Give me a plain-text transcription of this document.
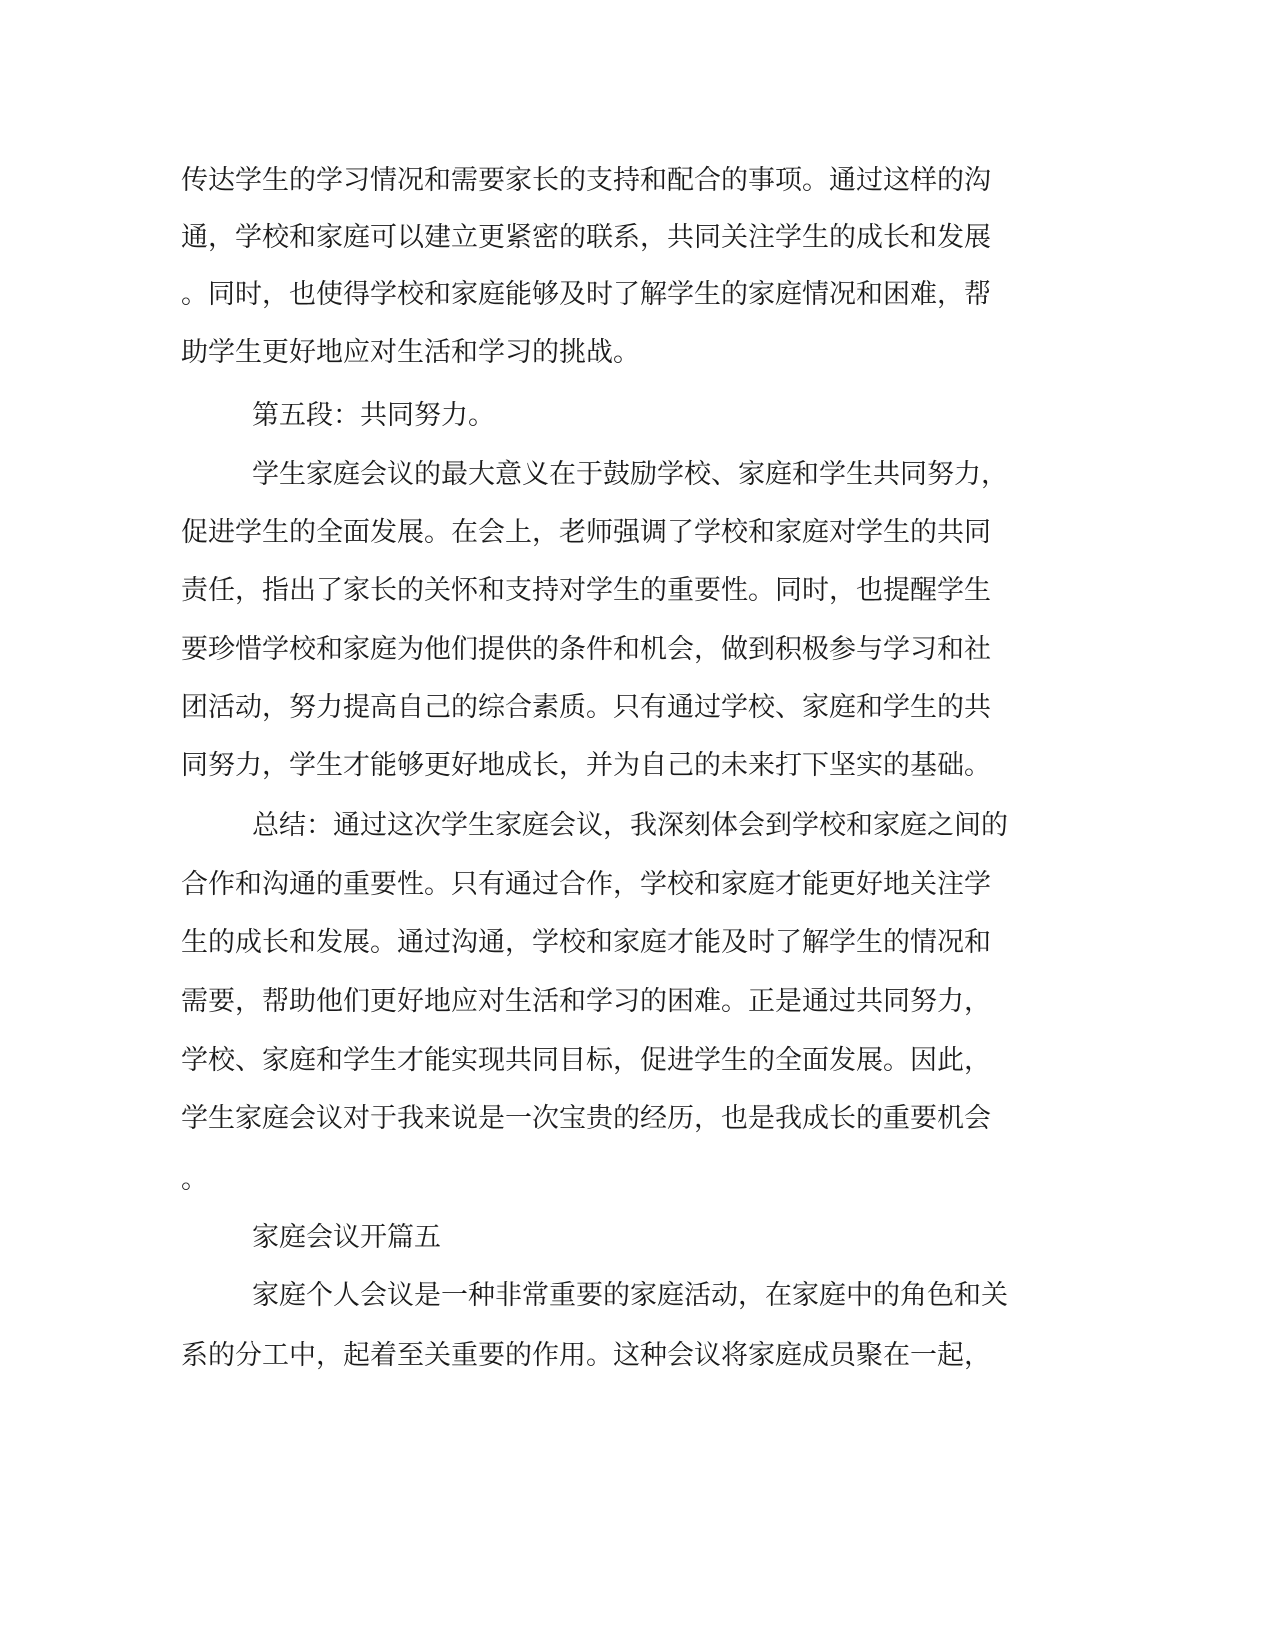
传达学生的学习情况和需要家长的支持和配合的事项。通过这样的沟
通，学校和家庭可以建立更紧密的联系，共同关注学生的成长和发展
。同时，也使得学校和家庭能够及时了解学生的家庭情况和困难，帮
助学生更好地应对生活和学习的挑战。
第五段：共同努力。
学生家庭会议的最大意义在于鼓励学校、家庭和学生共同努力，
促进学生的全面发展。在会上，老师强调了学校和家庭对学生的共同
责任，指出了家长的关怀和支持对学生的重要性。同时，也提醒学生
要珍惜学校和家庭为他们提供的条件和机会，做到积极参与学习和社
团活动，努力提高自己的综合素质。只有通过学校、家庭和学生的共
同努力，学生才能够更好地成长，并为自己的未来打下坚实的基础。
总结：通过这次学生家庭会议，我深刻体会到学校和家庭之间的
合作和沟通的重要性。只有通过合作，学校和家庭才能更好地关注学
生的成长和发展。通过沟通，学校和家庭才能及时了解学生的情况和
需要，帮助他们更好地应对生活和学习的困难。正是通过共同努力，
学校、家庭和学生才能实现共同目标，促进学生的全面发展。因此，
学生家庭会议对于我来说是一次宝贵的经历，也是我成长的重要机会
。
家庭会议开篇五
家庭个人会议是一种非常重要的家庭活动，在家庭中的角色和关
系的分工中，起着至关重要的作用。这种会议将家庭成员聚在一起，
